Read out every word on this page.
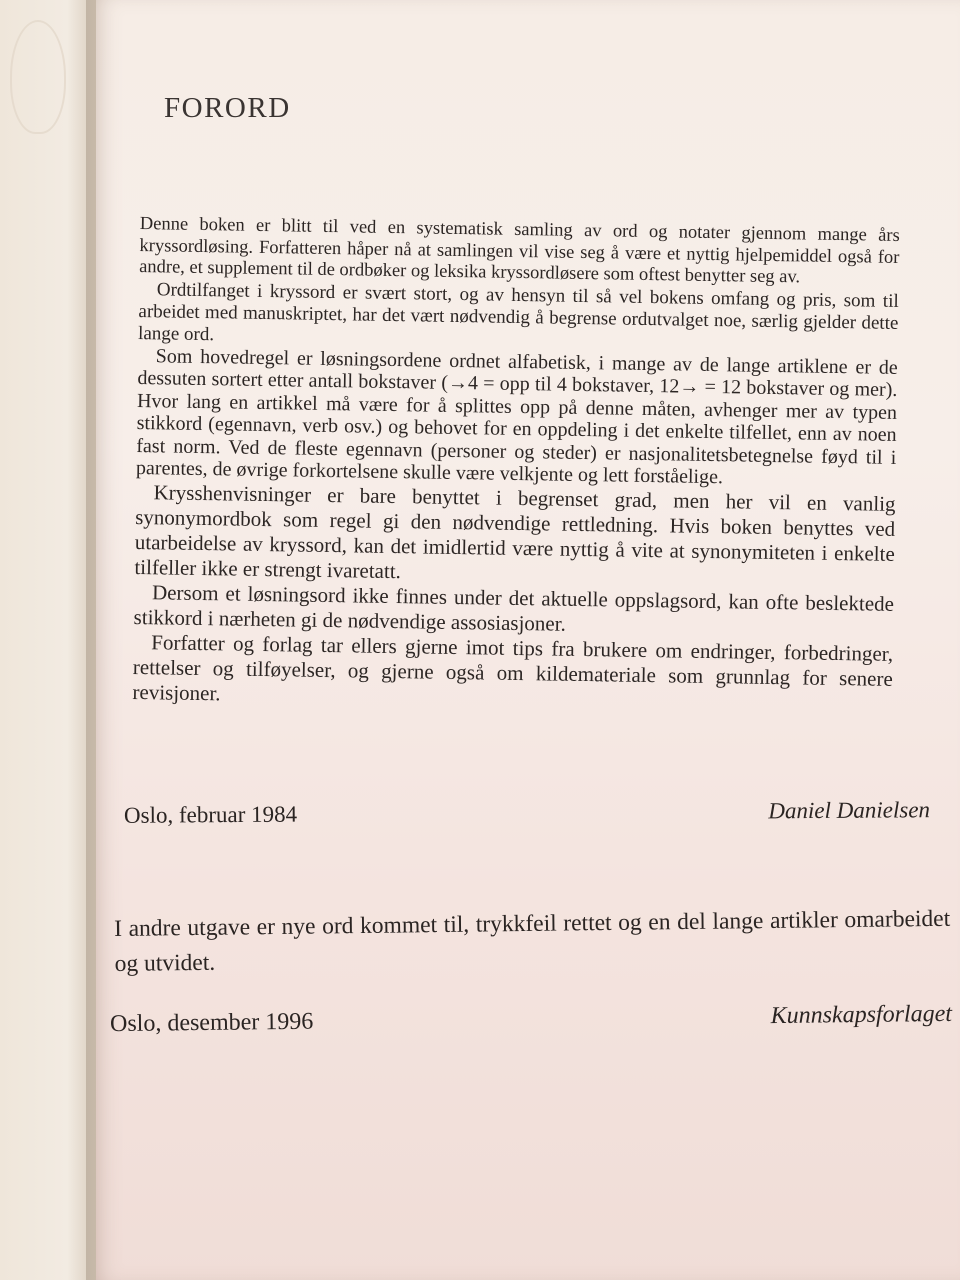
FORORD

Denne boken er blitt til ved en systematisk samling av ord og notater gjennom mange års kryssordløsing. Forfatteren håper nå at samlingen vil vise seg å være et nyttig hjelpemiddel også for andre, et supplement til de ordbøker og leksika kryssordløsere som oftest benytter seg av.

Ordtilfanget i kryssord er svært stort, og av hensyn til så vel bokens omfang og pris, som til arbeidet med manuskriptet, har det vært nødvendig å begrense ordutvalget noe, særlig gjelder dette lange ord.

Som hovedregel er løsningsordene ordnet alfabetisk, i mange av de lange artiklene er de dessuten sortert etter antall bokstaver (→4 = opp til 4 bokstaver, 12→ = 12 bokstaver og mer). Hvor lang en artikkel må være for å splittes opp på denne måten, avhenger mer av typen stikkord (egennavn, verb osv.) og behovet for en oppdeling i det enkelte tilfellet, enn av noen fast norm. Ved de fleste egennavn (personer og steder) er nasjonalitetsbetegnelse føyd til i parentes, de øvrige forkortelsene skulle være velkjente og lett forståelige.

Krysshenvisninger er bare benyttet i begrenset grad, men her vil en vanlig synonymordbok som regel gi den nødvendige rettledning. Hvis boken benyttes ved utarbeidelse av kryssord, kan det imidlertid være nyttig å vite at synonymiteten i enkelte tilfeller ikke er strengt ivaretatt.

Dersom et løsningsord ikke finnes under det aktuelle oppslagsord, kan ofte beslektede stikkord i nærheten gi de nødvendige assosiasjoner.

Forfatter og forlag tar ellers gjerne imot tips fra brukere om endringer, forbedringer, rettelser og tilføyelser, og gjerne også om kildemateriale som grunnlag for senere revisjoner.

Oslo, februar 1984	Daniel Danielsen

I andre utgave er nye ord kommet til, trykkfeil rettet og en del lange artikler omarbeidet og utvidet.

Oslo, desember 1996	Kunnskapsforlaget
